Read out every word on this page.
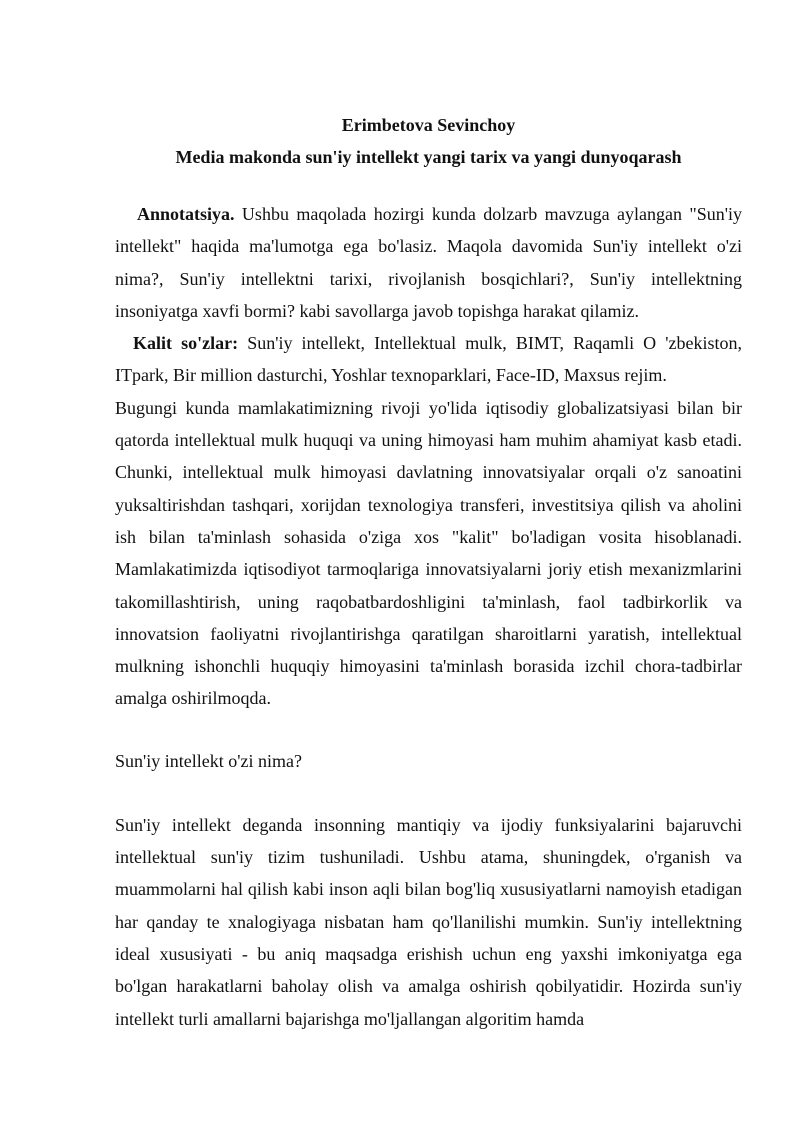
Erimbetova Sevinchoy

Media makonda sun'iy intellekt yangi tarix va yangi dunyoqarash

Annotatsiya. Ushbu maqolada hozirgi kunda dolzarb mavzuga aylangan "Sun'iy intellekt" haqida ma'lumotga ega bo'lasiz. Maqola davomida Sun'iy intellekt o'zi nima?, Sun'iy intellektni tarixi, rivojlanish bosqichlari?, Sun'iy intellektning insoniyatga xavfi bormi? kabi savollarga javob topishga harakat qilamiz.

Kalit so'zlar: Sun'iy intellekt, Intellektual mulk, BIMT, Raqamli O 'zbekiston, ITpark, Bir million dasturchi, Yoshlar texnoparklari, Face-ID, Maxsus rejim.

Bugungi kunda mamlakatimizning rivoji yo'lida iqtisodiy globalizatsiyasi bilan bir qatorda intellektual mulk huquqi va uning himoyasi ham muhim ahamiyat kasb etadi. Chunki, intellektual mulk himoyasi davlatning innovatsiyalar orqali o'z sanoatini yuksaltirishdan tashqari, xorijdan texnologiya transferi, investitsiya qilish va aholini ish bilan ta'minlash sohasida o'ziga xos "kalit" bo'ladigan vosita hisoblanadi. Mamlakatimizda iqtisodiyot tarmoqlariga innovatsiyalarni joriy etish mexanizmlarini takomillashtirish, uning raqobatbardoshligini ta'minlash, faol tadbirkorlik va innovatsion faoliyatni rivojlantirishga qaratilgan sharoitlarni yaratish, intellektual mulkning ishonchli huquqiy himoyasini ta'minlash borasida izchil chora-tadbirlar amalga oshirilmoqda.

Sun'iy intellekt o'zi nima?

Sun'iy intellekt deganda insonning mantiqiy va ijodiy funksiyalarini bajaruvchi intellektual sun'iy tizim tushuniladi. Ushbu atama, shuningdek, o'rganish va muammolarni hal qilish kabi inson aqli bilan bog'liq xususiyatlarni namoyish etadigan har qanday te xnalogiyaga nisbatan ham qo'llanilishi mumkin. Sun'iy intellektning ideal xususiyati - bu aniq maqsadga erishish uchun eng yaxshi imkoniyatga ega bo'lgan harakatlarni baholay olish va amalga oshirish qobilyatidir. Hozirda sun'iy intellekt turli amallarni bajarishga mo'ljallangan algoritim hamda
